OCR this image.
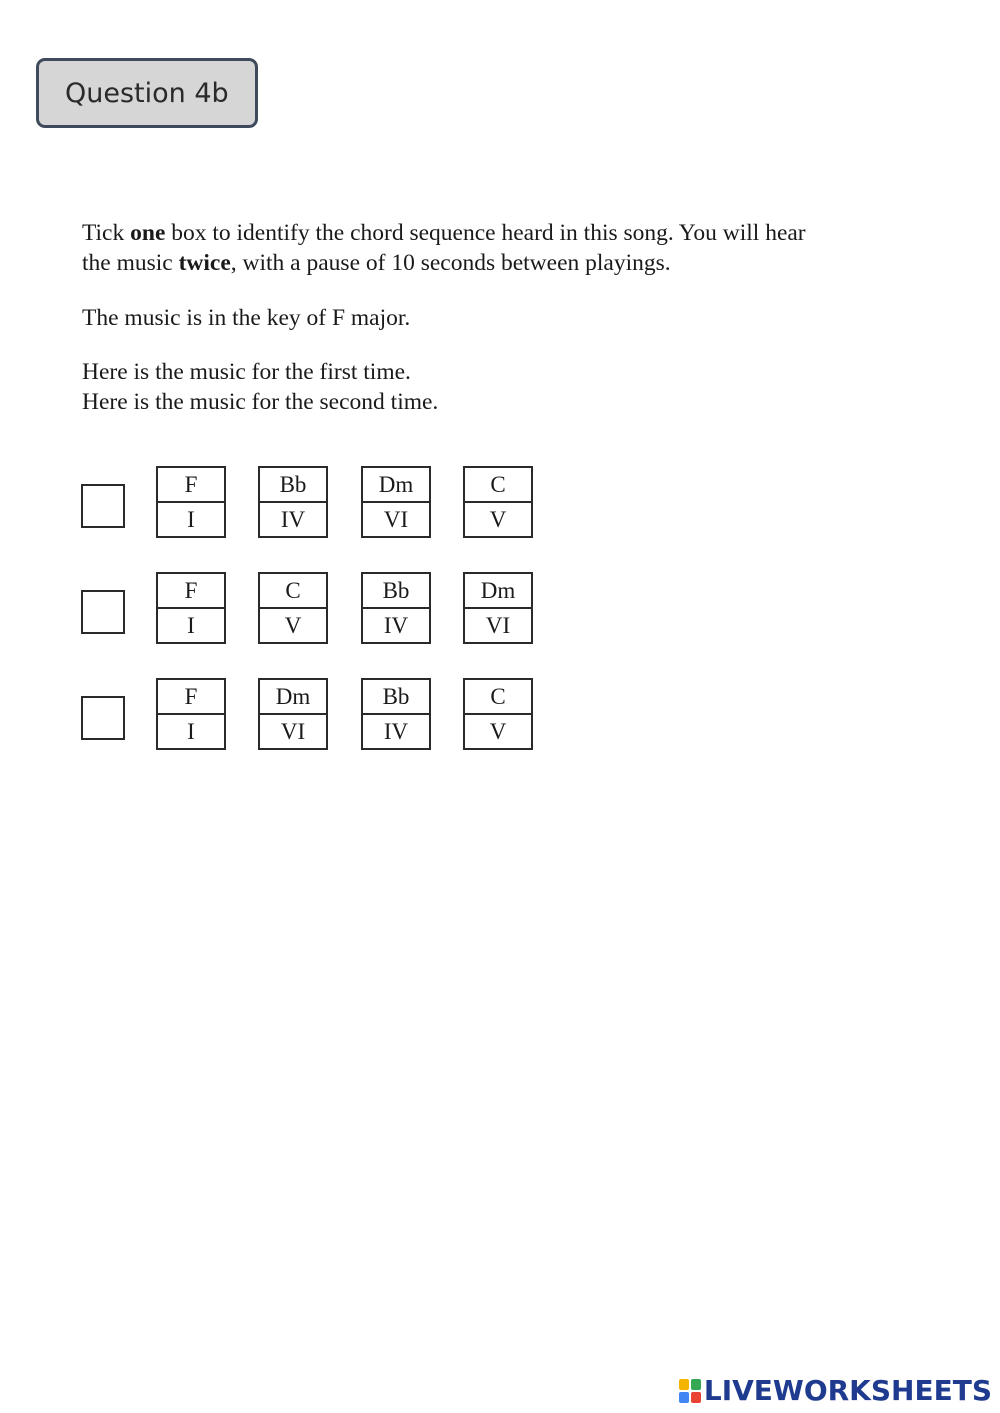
Question 4b

Tick one box to identify the chord sequence heard in this song. You will hear

the music twice, with a pause of 10 seconds between playings.

The music is in the key of F major.

Here is the music for the first time.

Here is the music for the second time.

F
I
Bb
IV
Dm
VI
C
V
F
I
C
V
Bb
IV
Dm
VI
F
I
Dm
VI
Bb
IV
C
V
LIVEWORKSHEETS
